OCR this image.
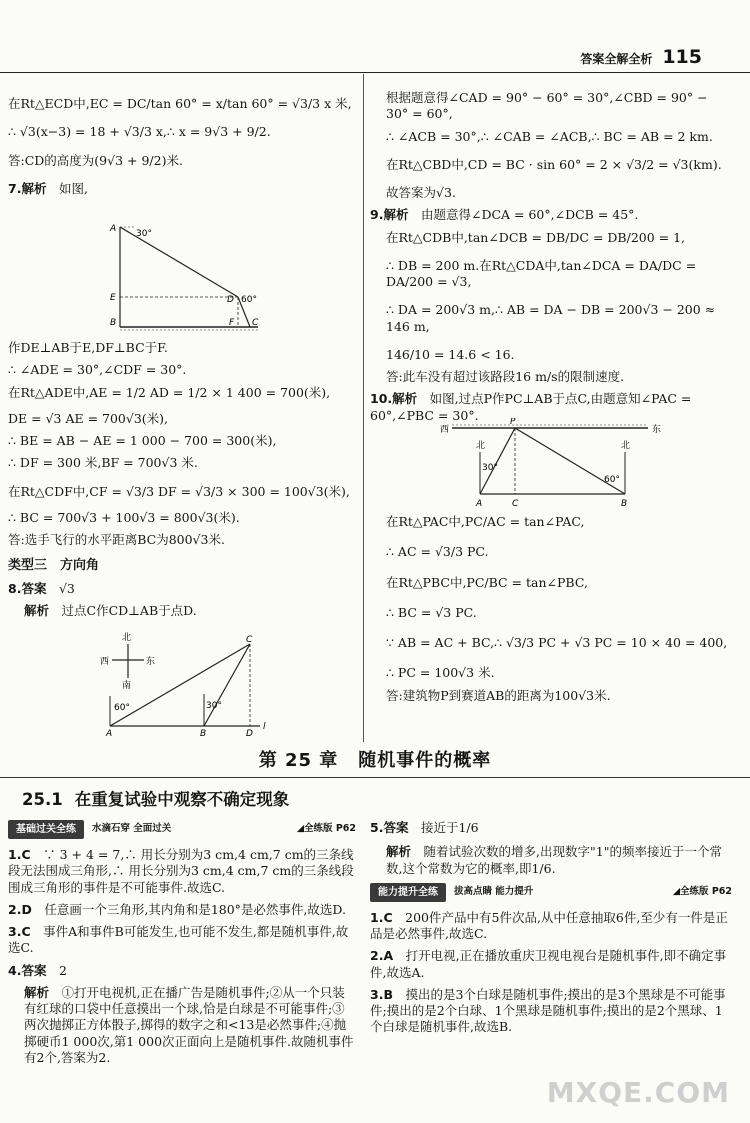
答案全解全析 115

在Rt△ECD中,EC = DC/tan 60° = x/tan 60° = √3/3 x 米,

∴ √3(x−3) = 18 + √3/3 x,∴ x = 9√3 + 9/2.

答:CD的高度为(9√3 + 9/2)米.

7.解析　 如图,

30°
60°
A
B
E	D
C
F

作DE⊥AB于E,DF⊥BC于F.

∴ ∠ADE = 30°,∠CDF = 30°.

在Rt△ADE中,AE = 1/2 AD = 1/2 × 1 400 = 700(米),

DE = √3 AE = 700√3(米),

∴ BE = AB − AE = 1 000 − 700 = 300(米),

∴ DF = 300 米,BF = 700√3 米.

在Rt△CDF中,CF = √3/3 DF = √3/3 × 300 = 100√3(米),

∴ BC = 700√3 + 100√3 = 800√3(米).

答:选手飞行的水平距离BC为800√3米.

类型三　方向角

8.答案　 √3

解析　 过点C作CD⊥AB于点D.

北
西	东
南
60°	30°
A	B
C
D
l

根据题意得∠CAD = 90° − 60° = 30°,∠CBD = 90° − 30° = 60°,

∴ ∠ACB = 30°,∴ ∠CAB = ∠ACB,∴ BC = AB = 2 km.

在Rt△CBD中,CD = BC · sin 60° = 2 × √3/2 = √3(km).

故答案为√3.

9.解析　 由题意得∠DCA = 60°,∠DCB = 45°.

在Rt△CDB中,tan∠DCB = DB/DC = DB/200 = 1,

∴ DB = 200 m.在Rt△CDA中,tan∠DCA = DA/DC = DA/200 = √3,

∴ DA = 200√3 m,∴ AB = DA − DB = 200√3 − 200 ≈ 146 m,

146/10 = 14.6 < 16.

答:此车没有超过该路段16 m/s的限制速度.

10.解析　 如图,过点P作PC⊥AB于点C,由题意知∠PAC = 60°,∠PBC = 30°.

西	东
P
北	北
30°
60°
A	C	B

在Rt△PAC中,PC/AC = tan∠PAC,

∴ AC = √3/3 PC.

在Rt△PBC中,PC/BC = tan∠PBC,

∴ BC = √3 PC.

∵ AB = AC + BC,∴ √3/3 PC + √3 PC = 10 × 40 = 400,

∴ PC = 100√3 米.

答:建筑物P到赛道AB的距离为100√3米.

第 25 章 随机事件的概率
25.1 在重复试验中观察不确定现象
基础过关全练	水滴石穿 全面过关	◢全练版 P62

1.C　 ∵ 3 + 4 = 7,∴ 用长分别为3 cm,4 cm,7 cm的三条线段无法围成三角形,∴ 用长分别为3 cm,4 cm,7 cm的三条线段围成三角形的事件是不可能事件.故选C.

2.D　 任意画一个三角形,其内角和是180°是必然事件,故选D.

3.C　 事件A和事件B可能发生,也可能不发生,都是随机事件,故选C.

4.答案　 2

解析　 ①打开电视机,正在播广告是随机事件;②从一个只装有红球的口袋中任意摸出一个球,恰是白球是不可能事件;③两次抛掷正方体骰子,掷得的数字之和<13是必然事件;④抛掷硬币1 000次,第1 000次正面向上是随机事件.故随机事件有2个,答案为2.

5.答案　 接近于1/6

解析　 随着试验次数的增多,出现数字"1"的频率接近于一个常数,这个常数为它的概率,即1/6.

能力提升全练	拔高点睛 能力提升	◢全练版 P62

1.C　 200件产品中有5件次品,从中任意抽取6件,至少有一件是正品是必然事件,故选C.

2.A　 打开电视,正在播放重庆卫视电视台是随机事件,即不确定事件,故选A.

3.B　 摸出的是3个白球是随机事件;摸出的是3个黑球是不可能事件;摸出的是2个白球、1个黑球是随机事件;摸出的是2个黑球、1个白球是随机事件,故选B.

MXQE.COM
